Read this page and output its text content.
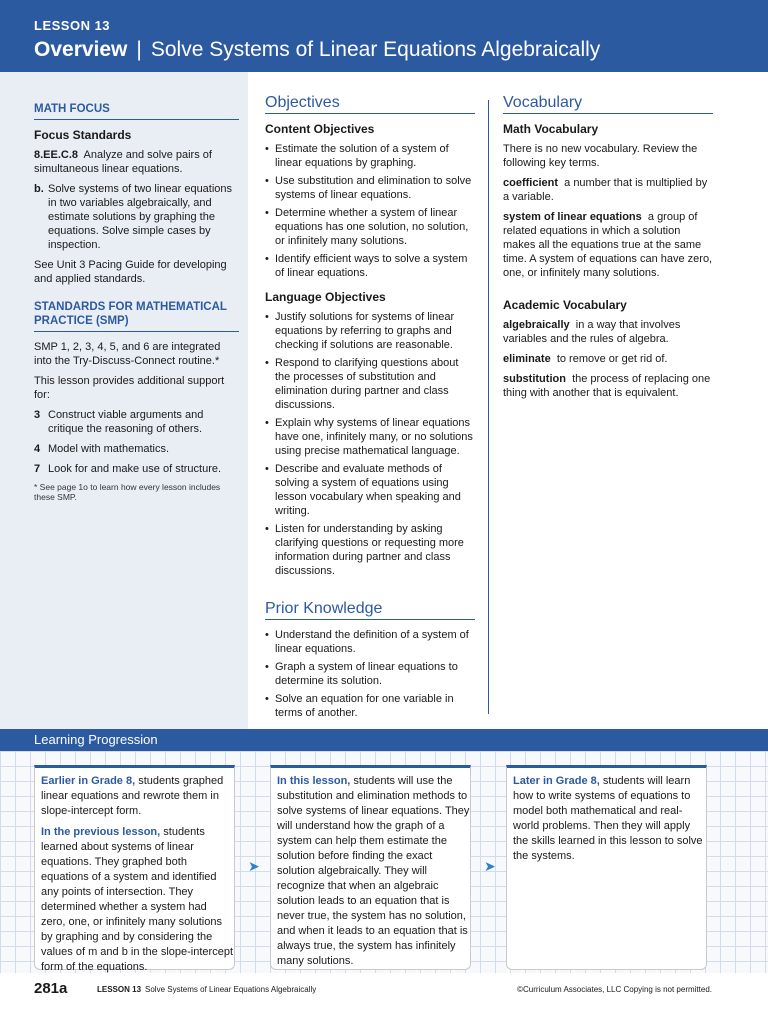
LESSON 13
Overview | Solve Systems of Linear Equations Algebraically
MATH FOCUS
Focus Standards

8.EE.C.8 Analyze and solve pairs of simultaneous linear equations.

b. Solve systems of two linear equations in two variables algebraically, and estimate solutions by graphing the equations. Solve simple cases by inspection.

See Unit 3 Pacing Guide for developing and applied standards.

STANDARDS FOR MATHEMATICAL PRACTICE (SMP)

SMP 1, 2, 3, 4, 5, and 6 are integrated into the Try-Discuss-Connect routine.*

This lesson provides additional support for:

3 Construct viable arguments and critique the reasoning of others.
4 Model with mathematics.
7 Look for and make use of structure.
* See page 1o to learn how every lesson includes these SMP.
Objectives
Content Objectives
• Estimate the solution of a system of linear equations by graphing.
• Use substitution and elimination to solve systems of linear equations.
• Determine whether a system of linear equations has one solution, no solution, or infinitely many solutions.
• Identify efficient ways to solve a system of linear equations.
Language Objectives
• Justify solutions for systems of linear equations by referring to graphs and checking if solutions are reasonable.
• Respond to clarifying questions about the processes of substitution and elimination during partner and class discussions.
• Explain why systems of linear equations have one, infinitely many, or no solutions using precise mathematical language.
• Describe and evaluate methods of solving a system of equations using lesson vocabulary when speaking and writing.
• Listen for understanding by asking clarifying questions or requesting more information during partner and class discussions.
Prior Knowledge
• Understand the definition of a system of linear equations.
• Graph a system of linear equations to determine its solution.
• Solve an equation for one variable in terms of another.
Vocabulary
Math Vocabulary

There is no new vocabulary. Review the following key terms.

coefficient a number that is multiplied by a variable.

system of linear equations a group of related equations in which a solution makes all the equations true at the same time. A system of equations can have zero, one, or infinitely many solutions.

Academic Vocabulary

algebraically in a way that involves variables and the rules of algebra.

eliminate to remove or get rid of.

substitution the process of replacing one thing with another that is equivalent.

Learning Progression

Earlier in Grade 8, students graphed linear equations and rewrote them in slope-intercept form.

In the previous lesson, students learned about systems of linear equations. They graphed both equations of a system and identified any points of intersection. They determined whether a system had zero, one, or infinitely many solutions by graphing and by considering the values of m and b in the slope-intercept form of the equations.

➤

In this lesson, students will use the substitution and elimination methods to solve systems of linear equations. They will understand how the graph of a system can help them estimate the solution before finding the exact solution algebraically. They will recognize that when an algebraic solution leads to an equation that is never true, the system has no solution, and when it leads to an equation that is always true, the system has infinitely many solutions.

➤

Later in Grade 8, students will learn how to write systems of equations to model both mathematical and real-world problems. Then they will apply the skills learned in this lesson to solve the systems.

281a	LESSON 13 Solve Systems of Linear Equations Algebraically	©Curriculum Associates, LLC Copying is not permitted.
